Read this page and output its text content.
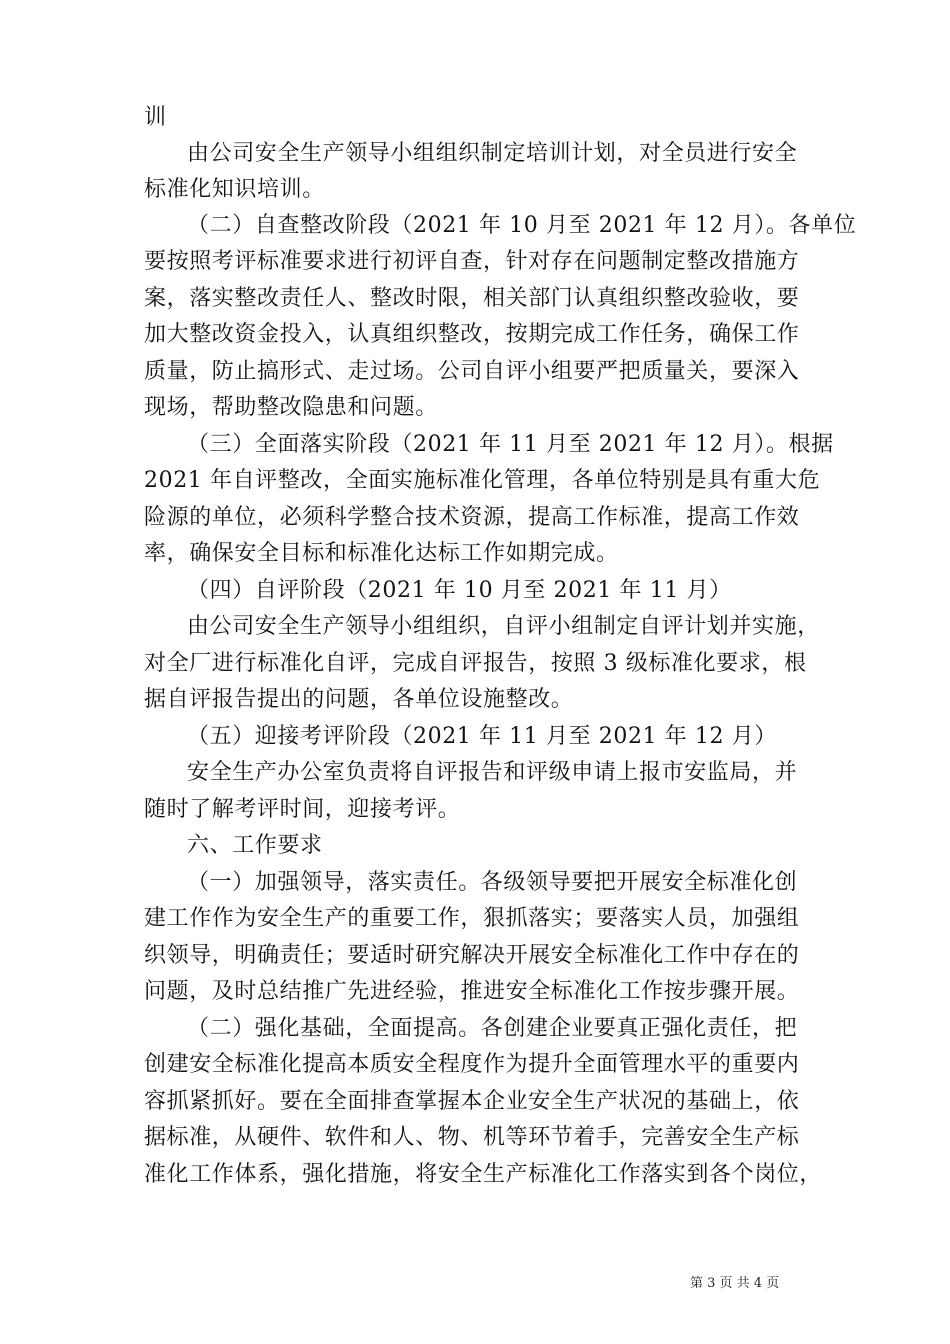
训
由公司安全生产领导小组组织制定培训计划，对全员进行安全
标准化知识培训。
（二）自查整改阶段（2021 年 10 月至 2021 年 12 月）。各单位
要按照考评标准要求进行初评自查，针对存在问题制定整改措施方
案，落实整改责任人、整改时限，相关部门认真组织整改验收，要
加大整改资金投入，认真组织整改，按期完成工作任务，确保工作
质量，防止搞形式、走过场。公司自评小组要严把质量关，要深入
现场，帮助整改隐患和问题。
（三）全面落实阶段（2021 年 11 月至 2021 年 12 月）。根据
2021 年自评整改，全面实施标准化管理，各单位特别是具有重大危
险源的单位，必须科学整合技术资源，提高工作标准，提高工作效
率，确保安全目标和标准化达标工作如期完成。
（四）自评阶段（2021 年 10 月至 2021 年 11 月）
由公司安全生产领导小组组织，自评小组制定自评计划并实施，
对全厂进行标准化自评，完成自评报告，按照 3 级标准化要求，根
据自评报告提出的问题，各单位设施整改。
（五）迎接考评阶段（2021 年 11 月至 2021 年 12 月）
安全生产办公室负责将自评报告和评级申请上报市安监局，并
随时了解考评时间，迎接考评。
六、工作要求
（一）加强领导，落实责任。各级领导要把开展安全标准化创
建工作作为安全生产的重要工作，狠抓落实；要落实人员，加强组
织领导，明确责任；要适时研究解决开展安全标准化工作中存在的
问题，及时总结推广先进经验，推进安全标准化工作按步骤开展。
（二）强化基础，全面提高。各创建企业要真正强化责任，把
创建安全标准化提高本质安全程度作为提升全面管理水平的重要内
容抓紧抓好。要在全面排查掌握本企业安全生产状况的基础上，依
据标准，从硬件、软件和人、物、机等环节着手，完善安全生产标
准化工作体系，强化措施，将安全生产标准化工作落实到各个岗位，
第 3 页 共 4 页
